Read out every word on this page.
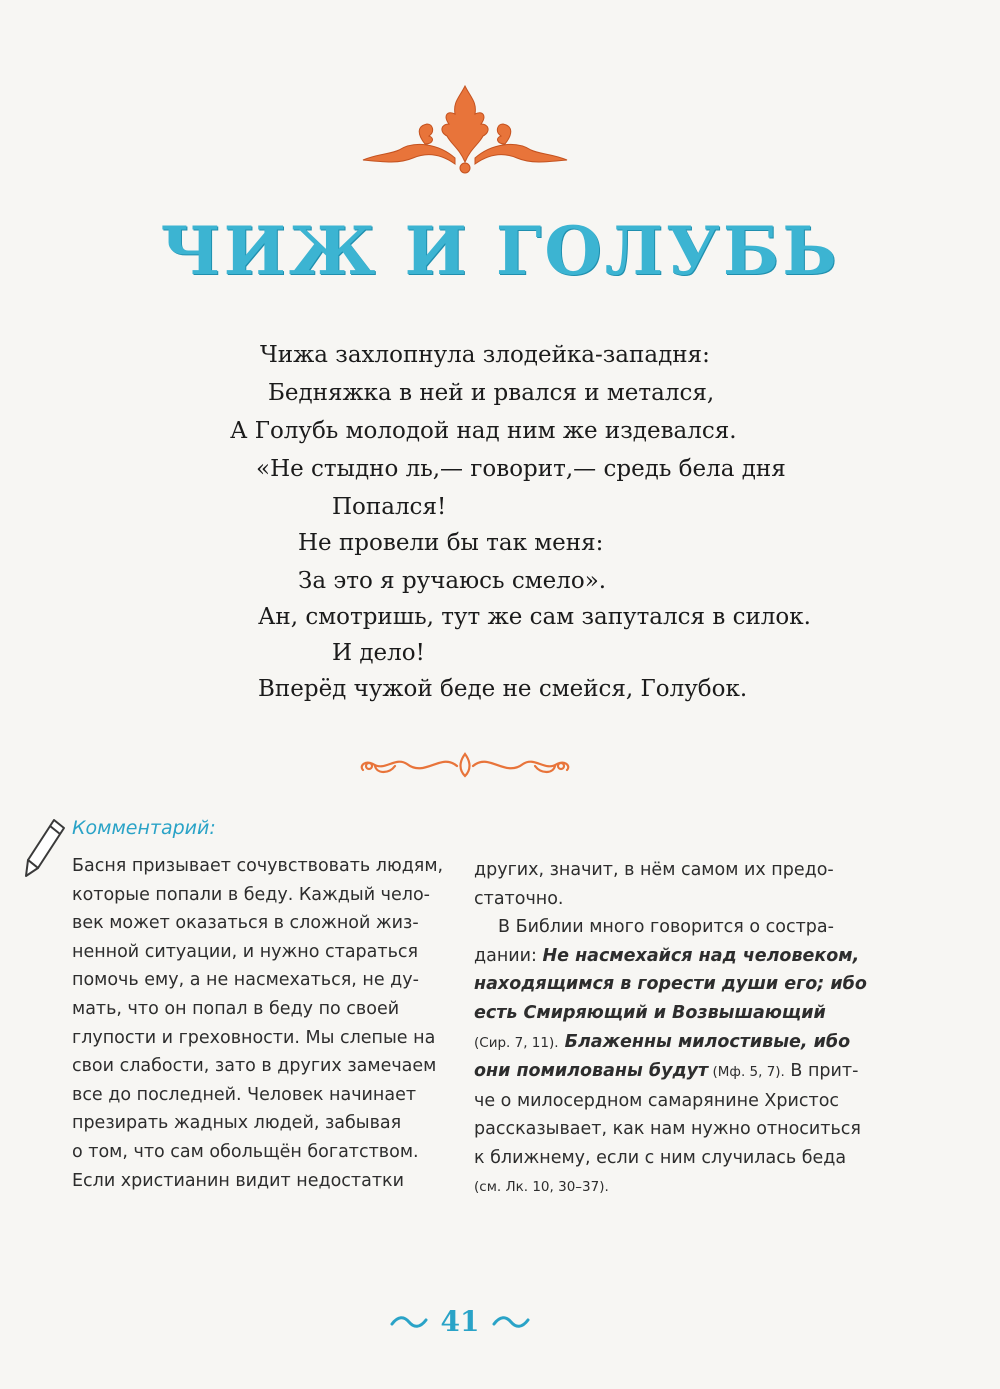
ЧИЖ И ГОЛУБЬ
Чижа захлопнула злодейка-западня:
Бедняжка в ней и рвался и метался,
А Голубь молодой над ним же издевался.
«Не стыдно ль,— говорит,— средь бела дня
Попался!
Не провели бы так меня:
За это я ручаюсь смело».
Ан, смотришь, тут же сам запутался в силок.
И дело!
Вперёд чужой беде не смейся, Голубок.
Комментарий:
Басня призывает сочувствовать людям,
которые попали в беду. Каждый чело-
век может оказаться в сложной жиз-
ненной ситуации, и нужно стараться
помочь ему, а не насмехаться, не ду-
мать, что он попал в беду по своей
глупости и греховности. Мы слепые на
свои слабости, зато в других замечаем
все до последней. Человек начинает
презирать жадных людей, забывая
о том, что сам обольщён богатством.
Если христианин видит недостатки
других, значит, в нём самом их предо-
статочно.
В Библии много говорится о состра-
дании: Не насмехайся над человеком,
находящимся в горести души его; ибо
есть Смиряющий и Возвышающий
(Сир. 7, 11). Блаженны милостивые, ибо
они помилованы будут (Мф. 5, 7). В прит-
че о милосердном самарянине Христос
рассказывает, как нам нужно относиться
к ближнему, если с ним случилась беда
(см. Лк. 10, 30–37).
41
